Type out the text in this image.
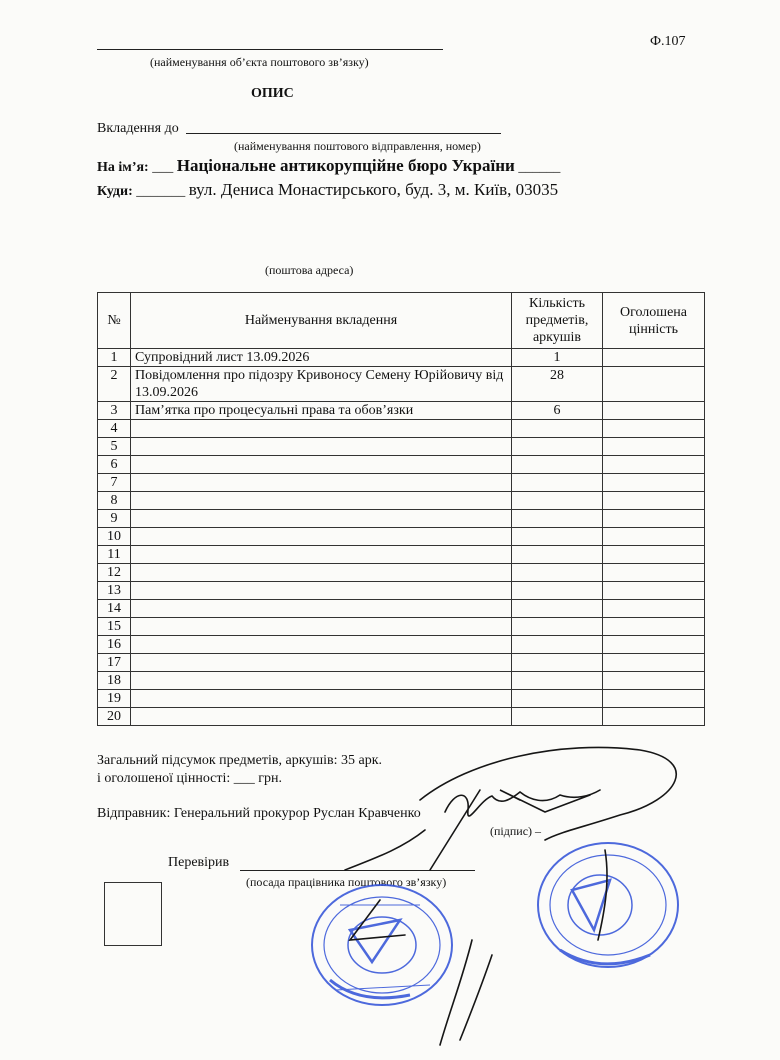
Ф.107
(найменування об’єкта поштового зв’язку)
ОПИС
Вкладення до
(найменування поштового відправлення, номер)
На ім’я: ___ Національне антикорупційне бюро України ______
Куди: _______ вул. Дениса Монастирського, буд. 3, м. Київ, 03035
(поштова адреса)
№	Найменування вкладення	Кількість предметів, аркушів	Оголошена цінність
1	Супровідний лист 13.09.2026	1	
2	Повідомлення про підозру Кривоносу Семену Юрійовичу від 13.09.2026	28	
3	Пам’ятка про процесуальні права та обов’язки	6	
4			
5			
6			
7			
8			
9			
10			
11			
12			
13			
14			
15			
16			
17			
18			
19			
20			
Загальний підсумок предметів, аркушів: 35 арк.
і оголошеної цінності: ___ грн.
Відправник: Генеральний прокурор Руслан Кравченко
(підпис) –
Перевірив
(посада працівника поштового зв’язку)
